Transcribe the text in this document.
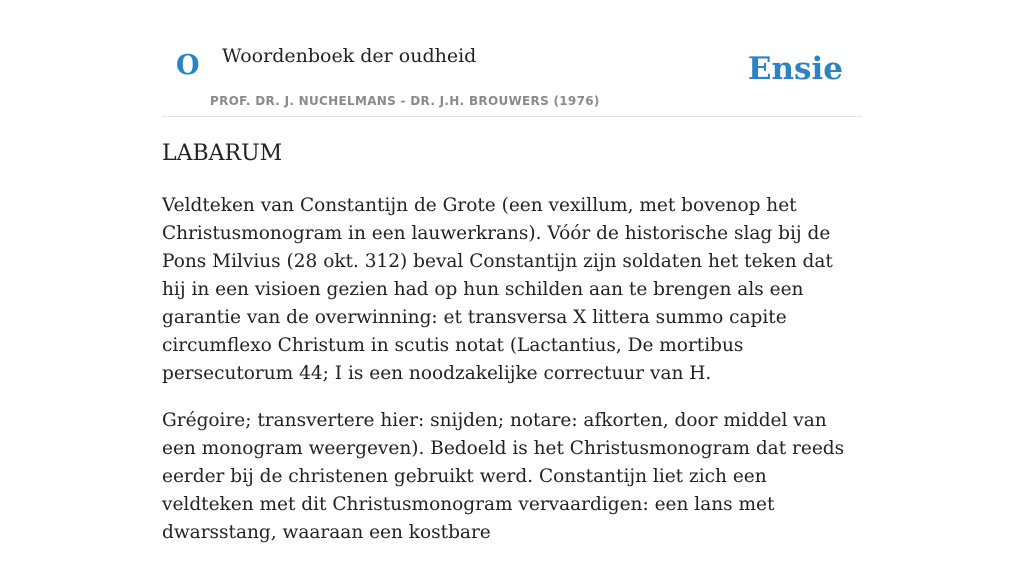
O Woordenboek der oudheid
PROF. DR. J. NUCHELMANS - DR. J.H. BROUWERS (1976)
Ensie
LABARUM

Veldteken van Constantijn de Grote (een vexillum, met bovenop het Christusmonogram in een lauwerkrans). Vóór de historische slag bij de Pons Milvius (28 okt. 312) beval Constantijn zijn soldaten het teken dat hij in een visioen gezien had op hun schilden aan te brengen als een garantie van de overwinning: et transversa X littera summo capite circumflexo Christum in scutis notat (Lactantius, De mortibus persecutorum 44; I is een noodzakelijke correctuur van H.

Grégoire; transvertere hier: snijden; notare: afkorten, door middel van een monogram weergeven). Bedoeld is het Christusmonogram dat reeds eerder bij de christenen gebruikt werd. Constantijn liet zich een veldteken met dit Christusmonogram vervaardigen: een lans met dwarsstang, waaraan een kostbare
